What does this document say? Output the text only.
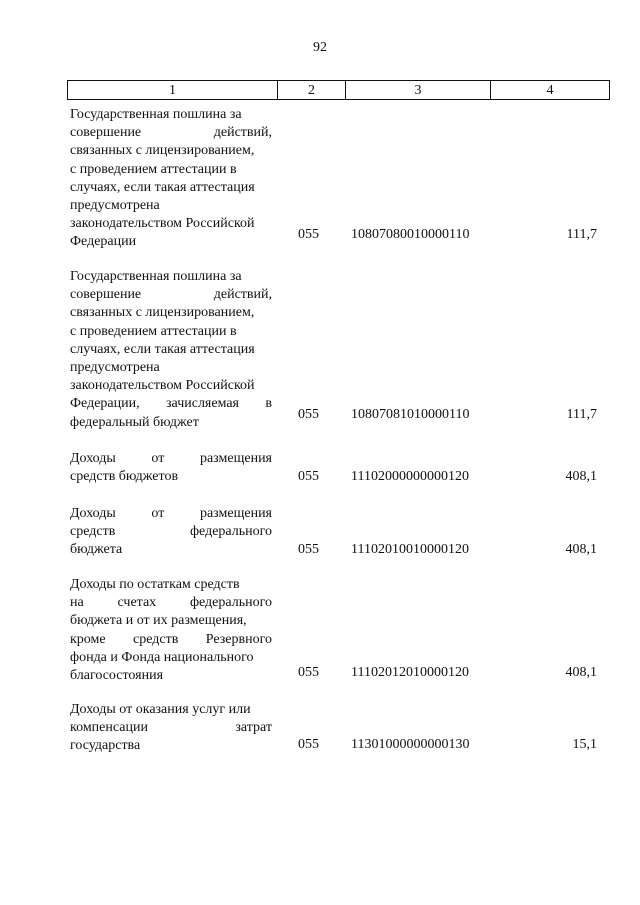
92
1	2	3	4
Государственная пошлина за
совершение действий,
связанных с лицензированием,
с проведением аттестации в
случаях, если такая аттестация
предусмотрена
законодательством Российской
Федерации	055	10807080010000110	111,7
Государственная пошлина за
совершение действий,
связанных с лицензированием,
с проведением аттестации в
случаях, если такая аттестация
предусмотрена
законодательством Российской
Федерации, зачисляемая в
федеральный бюджет
055	10807081010000110	111,7
Доходы от размещения
средств бюджетов	055	11102000000000120	408,1
Доходы от размещения
средств федерального
бюджета	055	11102010010000120	408,1
Доходы по остаткам средств
на счетах федерального
бюджета и от их размещения,
кроме средств Резервного
фонда и Фонда национального
благосостояния	055	11102012010000120	408,1
Доходы от оказания услуг или
компенсации затрат
государства	055	11301000000000130	15,1
